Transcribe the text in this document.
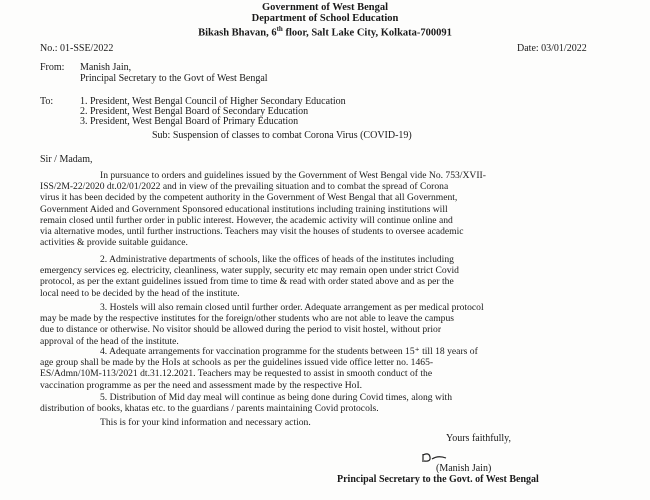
Government of West Bengal
Department of School Education
Bikash Bhavan, 6th floor, Salt Lake City, Kolkata-700091
No.: 01-SSE/2022	Date: 03/01/2022
From: Manish Jain,
Principal Secretary to the Govt of West Bengal
To:	1. President, West Bengal Council of Higher Secondary Education
2. President, West Bengal Board of Secondary Education
3. President, West Bengal Board of Primary Education
Sub: Suspension of classes to combat Corona Virus (COVID-19)
Sir / Madam,
In pursuance to orders and guidelines issued by the Government of West Bengal vide No. 753/XVII-
ISS/2M-22/2020 dt.02/01/2022 and in view of the prevailing situation and to combat the spread of Corona
virus it has been decided by the competent authority in the Government of West Bengal that all Government,
Government Aided and Government Sponsored educational institutions including training institutions will
remain closed until further order in public interest. However, the academic activity will continue online and
via alternative modes, until further instructions. Teachers may visit the houses of students to oversee academic
activities & provide suitable guidance.
2. Administrative departments of schools, like the offices of heads of the institutes including
emergency services eg. electricity, cleanliness, water supply, security etc may remain open under strict Covid
protocol, as per the extant guidelines issued from time to time & read with order stated above and as per the
local need to be decided by the head of the institute.
3. Hostels will also remain closed until further order. Adequate arrangement as per medical protocol
may be made by the respective institutes for the foreign/other students who are not able to leave the campus
due to distance or otherwise. No visitor should be allowed during the period to visit hostel, without prior
approval of the head of the institute.
4. Adequate arrangements for vaccination programme for the students between 15⁺ till 18 years of
age group shall be made by the HoIs at schools as per the guidelines issued vide office letter no. 1465-
ES/Admn/10M-113/2021 dt.31.12.2021. Teachers may be requested to assist in smooth conduct of the
vaccination programme as per the need and assessment made by the respective HoI.
5. Distribution of Mid day meal will continue as being done during Covid times, along with
distribution of books, khatas etc. to the guardians / parents maintaining Covid protocols.
This is for your kind information and necessary action.
Yours faithfully,
(Manish Jain)
Principal Secretary to the Govt. of West Bengal
